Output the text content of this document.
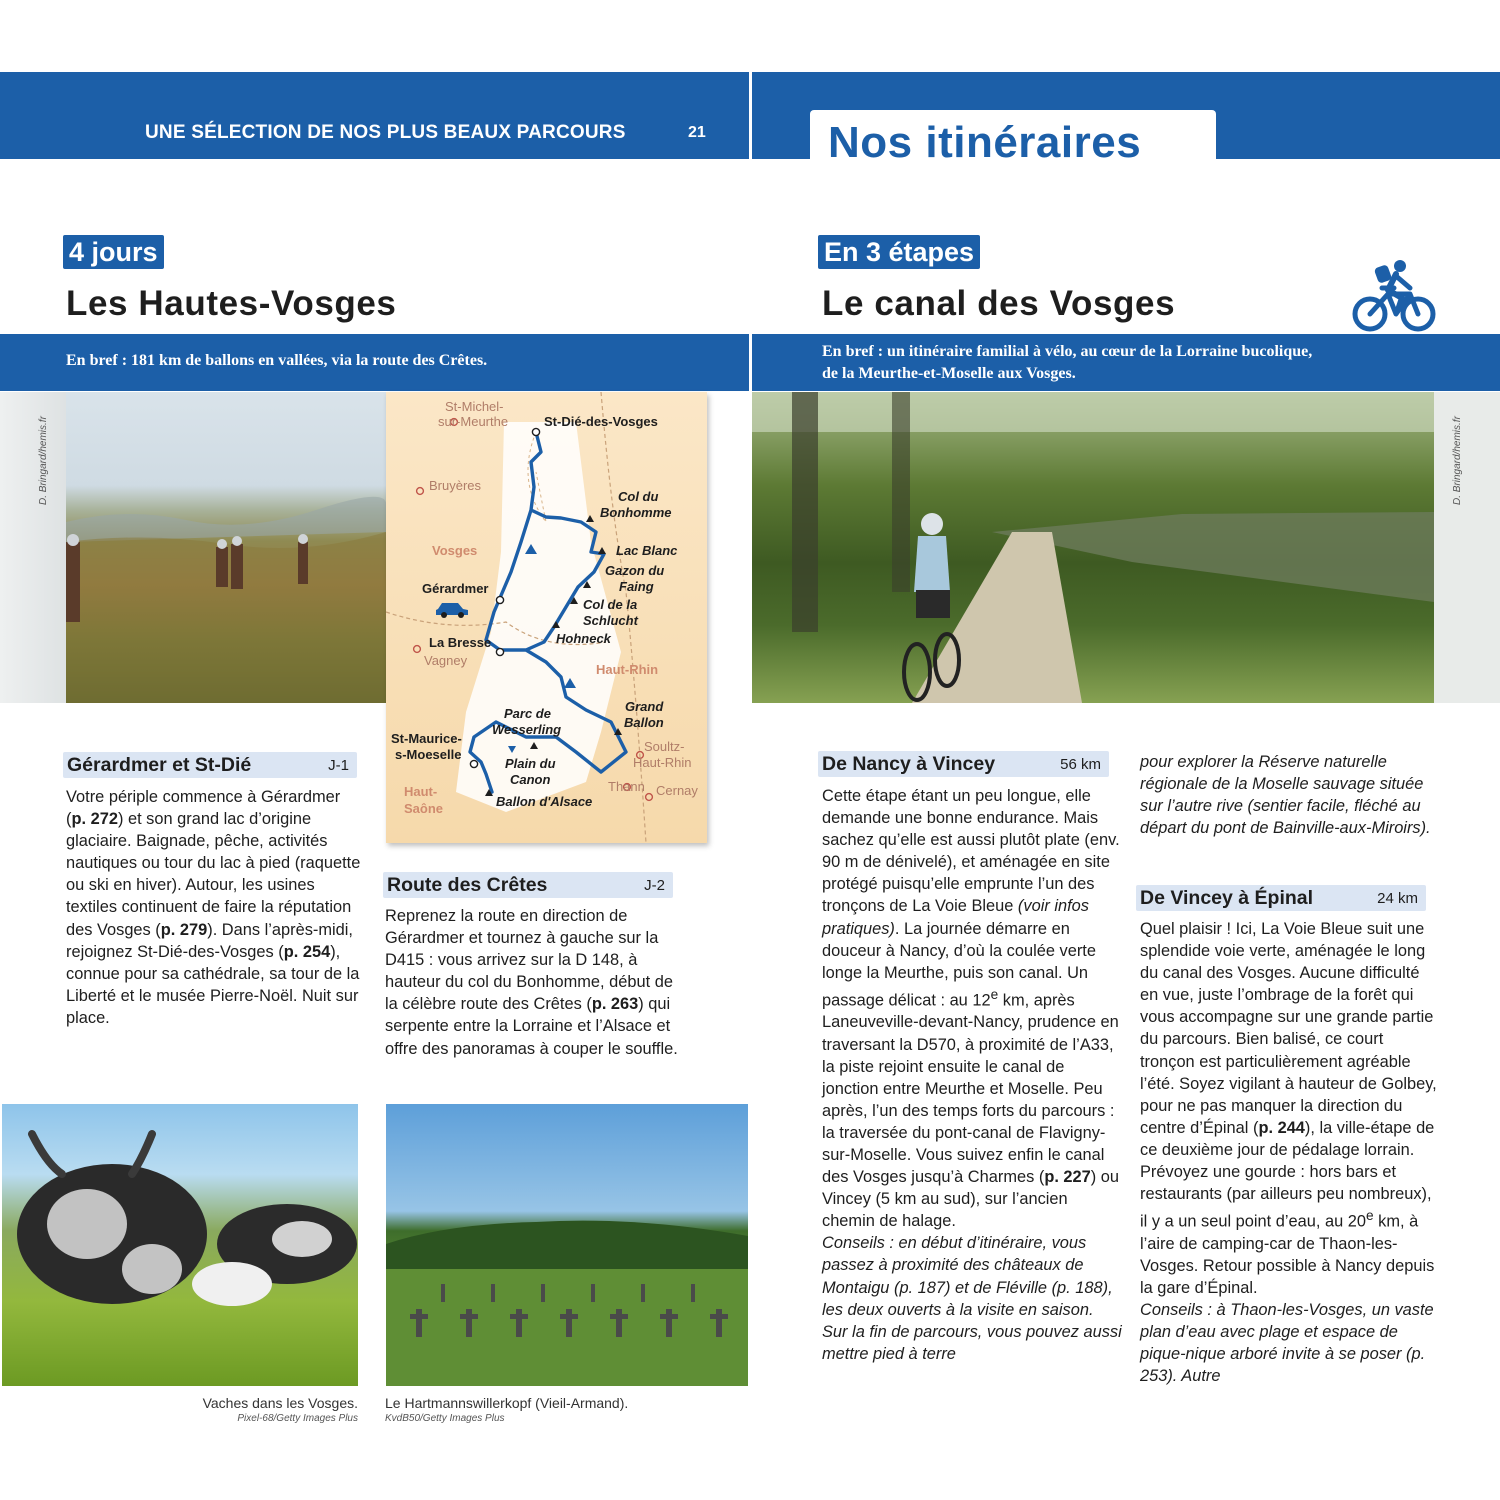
UNE SÉLECTION DE NOS PLUS BEAUX PARCOURS	21	Nos itinéraires
4 jours
Les Hautes-Vosges
En bref : 181 km de ballons en vallées, via la route des Crêtes.
En 3 étapes
Le canal des Vosges
En bref : un itinéraire familial à vélo, au cœur de la Lorraine bucolique,
de la Meurthe-et-Moselle aux Vosges.
D. Bringard/hemis.fr	D. Bringard/hemis.fr
St-Michel-
sur-Meurthe	St-Dié-des-Vosges
Bruyères
Col du
Bonhomme
Vosges	Lac Blanc
Gazon du
Faing
Gérardmer
Col de la
Schlucht
Hohneck
La Bresse
Vagney
Haut-Rhin
Grand
Ballon
Parc de
Wesserling
St-Maurice-
s-Moeselle
Soultz-
Haut-Rhin
Plain du
Canon	Thann Cernay
Haut-
Saône	Ballon d'Alsace
Gérardmer et St-Dié	J-1
Votre périple commence à Gérardmer (p. 272) et son grand lac d’origine glaciaire. Baignade, pêche, activités nautiques ou tour du lac à pied (raquette ou ski en hiver). Autour, les usines textiles continuent de faire la réputation des Vosges (p. 279). Dans l’après-midi, rejoignez St-Dié-des-Vosges (p. 254), connue pour sa cathédrale, sa tour de la Liberté et le musée Pierre-Noël. Nuit sur place.
Route des Crêtes	J-2
Reprenez la route en direction de Gérardmer et tournez à gauche sur la D415 : vous arrivez sur la D 148, à hauteur du col du Bonhomme, début de la célèbre route des Crêtes (p. 263) qui serpente entre la Lorraine et l’Alsace et offre des panoramas à couper le souffle.
Vaches dans les Vosges.
Pixel-68/Getty Images Plus
Le Hartmannswillerkopf (Vieil-Armand).
KvdB50/Getty Images Plus
De Nancy à Vincey	56 km
Cette étape étant un peu longue, elle demande une bonne endurance. Mais sachez qu’elle est aussi plutôt plate (env. 90 m de dénivelé), et aménagée en site protégé puisqu’elle emprunte l’un des tronçons de La Voie Bleue (voir infos pratiques). La journée démarre en douceur à Nancy, d’où la coulée verte longe la Meurthe, puis son canal. Un passage délicat : au 12e km, après Laneuveville-devant-Nancy, prudence en traversant la D570, à proximité de l’A33, la piste rejoint ensuite le canal de jonction entre Meurthe et Moselle. Peu après, l’un des temps forts du parcours : la traversée du pont-canal de Flavigny-sur-Moselle. Vous suivez enfin le canal des Vosges jusqu’à Charmes (p. 227) ou Vincey (5 km au sud), sur l’ancien chemin de halage.
Conseils : en début d’itinéraire, vous passez à proximité des châteaux de Montaigu (p. 187) et de Fléville (p. 188), les deux ouverts à la visite en saison. Sur la fin de parcours, vous pouvez aussi mettre pied à terre
pour explorer la Réserve naturelle régionale de la Moselle sauvage située sur l’autre rive (sentier facile, fléché au départ du pont de Bainville-aux-Miroirs).
De Vincey à Épinal	24 km
Quel plaisir ! Ici, La Voie Bleue suit une splendide voie verte, aménagée le long du canal des Vosges. Aucune difficulté en vue, juste l’ombrage de la forêt qui vous accompagne sur une grande partie du parcours. Bien balisé, ce court tronçon est particulièrement agréable l’été. Soyez vigilant à hauteur de Golbey, pour ne pas manquer la direction du centre d’Épinal (p. 244), la ville-étape de ce deuxième jour de pédalage lorrain. Prévoyez une gourde : hors bars et restaurants (par ailleurs peu nombreux), il y a un seul point d’eau, au 20e km, à l’aire de camping-car de Thaon-les-Vosges. Retour possible à Nancy depuis la gare d’Épinal.
Conseils : à Thaon-les-Vosges, un vaste plan d’eau avec plage et espace de pique-nique arboré invite à se poser (p. 253). Autre
